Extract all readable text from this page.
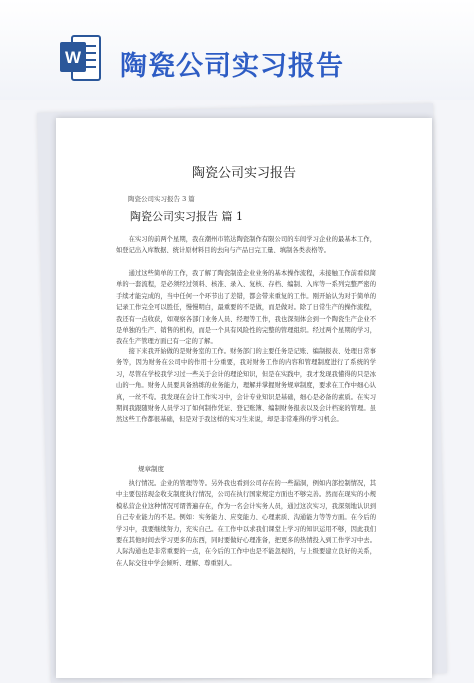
W 陶瓷公司实习报告
陶瓷公司实习报告
陶瓷公司实习报告 3 篇
陶瓷公司实习报告 篇 1

在实习的前两个星期，我在潮州市铭达陶瓷制作有限公司的车间学习企业的最基本工作，如登记出入库数据、统计原材料目的去向与产品日完工量、填制各类表格等。

通过这些简单的工作，我了解了陶瓷制造企业业务的基本操作流程，未接触工作前看似简单的一套流程，是必须经过领料、核准、录入、复核、存档、编制、入库等一系列完整严密的手续才能完成的，当中任何一个环节出了差错，都会带来重复的工作。刚开始认为对于简单的记录工作完全可以胜任，慢慢明白，最重要的不是做，而是做对。除了日常生产的操作流程，我还有一点收获，如观察各部门业务人员、经理等工作，我也深刻体会到一个陶瓷生产企业不是单独的生产、销售的机构，而是一个具有风险性的完整的管理组织。经过两个星期的学习，我在生产管理方面已有一定的了解。

接下来我开始做的是财务室的工作。财务部门的主要任务是记账、编制报表、处理日常事务等，因为财务在公司中的作用十分重要，我对财务工作的内容和管理制度进行了系统的学习，尽管在学校我学习过一些关于会计的理论知识，但是在实践中，我才发现我懂得的只是冰山的一角。财务人员要具备熟练的业务能力，理解并掌握财务规章制度，要求在工作中细心认真，一丝不苟。我发现在会计工作实习中，会计专业知识是基础，细心是必备的素质。在实习期间我跟随财务人员学习了如何制作凭证、登记账簿、编制财务报表以及会计档案的管理。虽然这些工作都很基础，但是对于我这样的实习生来说，却是非常难得的学习机会。

规章制度

执行情况。企业的管理等等。另外我也看到公司存在的一些漏洞，例如内部控制情况，其中主要包括现金收支制度执行情况，公司在执行国家规定方面也不够完善。然而在现实的小规模私营企业这种情况可谓普遍存在，作为一名会计实务人员，通过这次实习，我深刻地认识到自己专业能力的不足。例如：实务能力、应变能力、心理素质、沟通能力等等方面。在今后的学习中，我要继续努力，充实自己。在工作中以求我们课堂上学习的知识运用不够，因此我们要在其他时间去学习更多的东西，同时要做好心理准备，把更多的热情投入到工作学习中去。人际沟通也是非常重要的一点，在今后的工作中也是不能忽视的，与上级要建立良好的关系，在人际交往中学会倾听、理解、尊重别人。
